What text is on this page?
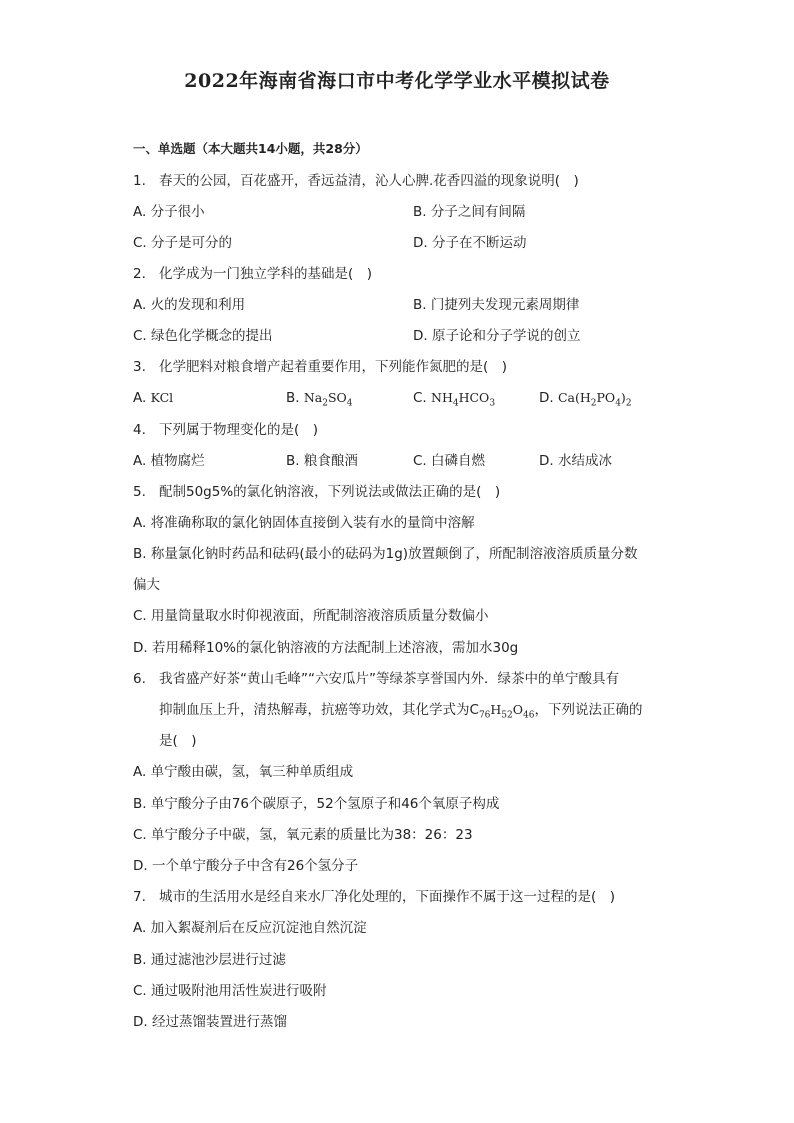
2022年海南省海口市中考化学学业水平模拟试卷
一、单选题（本大题共14小题，共28分）
1. 春天的公园，百花盛开，香远益清，沁人心脾.花香四溢的现象说明(　)
A. 分子很小	B. 分子之间有间隔
C. 分子是可分的	D. 分子在不断运动
2. 化学成为一门独立学科的基础是(　)
A. 火的发现和利用	B. 门捷列夫发现元素周期律
C. 绿色化学概念的提出	D. 原子论和分子学说的创立
3. 化学肥料对粮食增产起着重要作用，下列能作氮肥的是(　)
A. KCl	B. $Na_2SO_4$	C. $NH_4HCO_3$	D. $Ca(H_2PO_4)_2$
4. 下列属于物理变化的是(　)
A. 植物腐烂	B. 粮食酿酒	C. 白磷自燃	D. 水结成冰
5. 配制50g5%的氯化钠溶液，下列说法或做法正确的是(　)
A. 将准确称取的氯化钠固体直接倒入装有水的量筒中溶解
B. 称量氯化钠时药品和砝码(最小的砝码为1g)放置颠倒了，所配制溶液溶质质量分数
偏大
C. 用量筒量取水时仰视液面，所配制溶液溶质质量分数偏小
D. 若用稀释10%的氯化钠溶液的方法配制上述溶液，需加水30g
6. 我省盛产好茶“黄山毛峰”“六安瓜片”等绿茶享誉国内外．绿茶中的单宁酸具有
抑制血压上升，清热解毒，抗癌等功效，其化学式为$C_{76}H_{52}O_{46}$，下列说法正确的
是(　)
A. 单宁酸由碳，氢，氧三种单质组成
B. 单宁酸分子由76个碳原子，52个氢原子和46个氧原子构成
C. 单宁酸分子中碳，氢，氧元素的质量比为38：26：23
D. 一个单宁酸分子中含有26个氢分子
7. 城市的生活用水是经自来水厂净化处理的，下面操作不属于这一过程的是(　)
A. 加入絮凝剂后在反应沉淀池自然沉淀
B. 通过滤池沙层进行过滤
C. 通过吸附池用活性炭进行吸附
D. 经过蒸馏装置进行蒸馏
